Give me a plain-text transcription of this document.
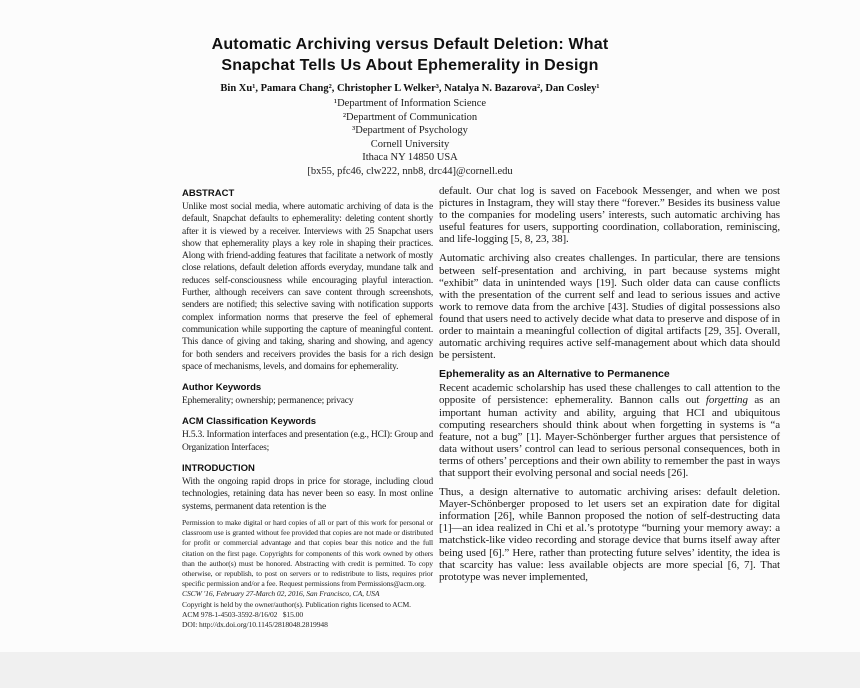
Automatic Archiving versus Default Deletion: What
Snapchat Tells Us About Ephemerality in Design
Bin Xu¹, Pamara Chang², Christopher L Welker³, Natalya N. Bazarova², Dan Cosley¹
¹Department of Information Science
²Department of Communication
³Department of Psychology
Cornell University
Ithaca NY 14850 USA
[bx55, pfc46, clw222, nnb8, drc44]@cornell.edu
ABSTRACT

Unlike most social media, where automatic archiving of data is the default, Snapchat defaults to ephemerality: deleting content shortly after it is viewed by a receiver. Interviews with 25 Snapchat users show that ephemerality plays a key role in shaping their practices. Along with friend-adding features that facilitate a network of mostly close relations, default deletion affords everyday, mundane talk and reduces self-consciousness while encouraging playful interaction. Further, although receivers can save content through screenshots, senders are notified; this selective saving with notification supports complex information norms that preserve the feel of ephemeral communication while supporting the capture of meaningful content. This dance of giving and taking, sharing and showing, and agency for both senders and receivers provides the basis for a rich design space of mechanisms, levels, and domains for ephemerality.

Author Keywords

Ephemerality; ownership; permanence; privacy

ACM Classification Keywords

H.5.3. Information interfaces and presentation (e.g., HCI): Group and Organization Interfaces;

INTRODUCTION

With the ongoing rapid drops in price for storage, including cloud technologies, retaining data has never been so easy. In most online systems, permanent data retention is the

Permission to make digital or hard copies of all or part of this work for personal or classroom use is granted without fee provided that copies are not made or distributed for profit or commercial advantage and that copies bear this notice and the full citation on the first page. Copyrights for components of this work owned by others than the author(s) must be honored. Abstracting with credit is permitted. To copy otherwise, or republish, to post on servers or to redistribute to lists, requires prior specific permission and/or a fee. Request permissions from Permissions@acm.org.
CSCW '16, February 27-March 02, 2016, San Francisco, CA, USA
Copyright is held by the owner/author(s). Publication rights licensed to ACM.
ACM 978-1-4503-3592-8/16/02   $15.00
DOI: http://dx.doi.org/10.1145/2818048.2819948

default. Our chat log is saved on Facebook Messenger, and when we post pictures in Instagram, they will stay there “forever.” Besides its business value to the companies for modeling users’ interests, such automatic archiving has useful features for users, supporting coordination, collaboration, reminiscing, and life-logging [5, 8, 23, 38].

Automatic archiving also creates challenges. In particular, there are tensions between self-presentation and archiving, in part because systems might “exhibit” data in unintended ways [19]. Such older data can cause conflicts with the presentation of the current self and lead to serious issues and active work to remove data from the archive [43]. Studies of digital possessions also found that users need to actively decide what data to preserve and dispose of in order to maintain a meaningful collection of digital artifacts [29, 35]. Overall, automatic archiving requires active self-management about which data should be persistent.

Ephemerality as an Alternative to Permanence

Recent academic scholarship has used these challenges to call attention to the opposite of persistence: ephemerality. Bannon calls out forgetting as an important human activity and ability, arguing that HCI and ubiquitous computing researchers should think about when forgetting in systems is “a feature, not a bug” [1]. Mayer-Schönberger further argues that persistence of data without users’ control can lead to serious personal consequences, both in terms of others’ perceptions and their own ability to remember the past in ways that support their evolving personal and social needs [26].

Thus, a design alternative to automatic archiving arises: default deletion. Mayer-Schönberger proposed to let users set an expiration date for digital information [26], while Bannon proposed the notion of self-destructing data [1]—an idea realized in Chi et al.’s prototype “burning your memory away: a matchstick-like video recording and storage device that burns itself away after being used [6].” Here, rather than protecting future selves’ identity, the idea is that scarcity has value: less available objects are more special [6, 7]. That prototype was never implemented,
